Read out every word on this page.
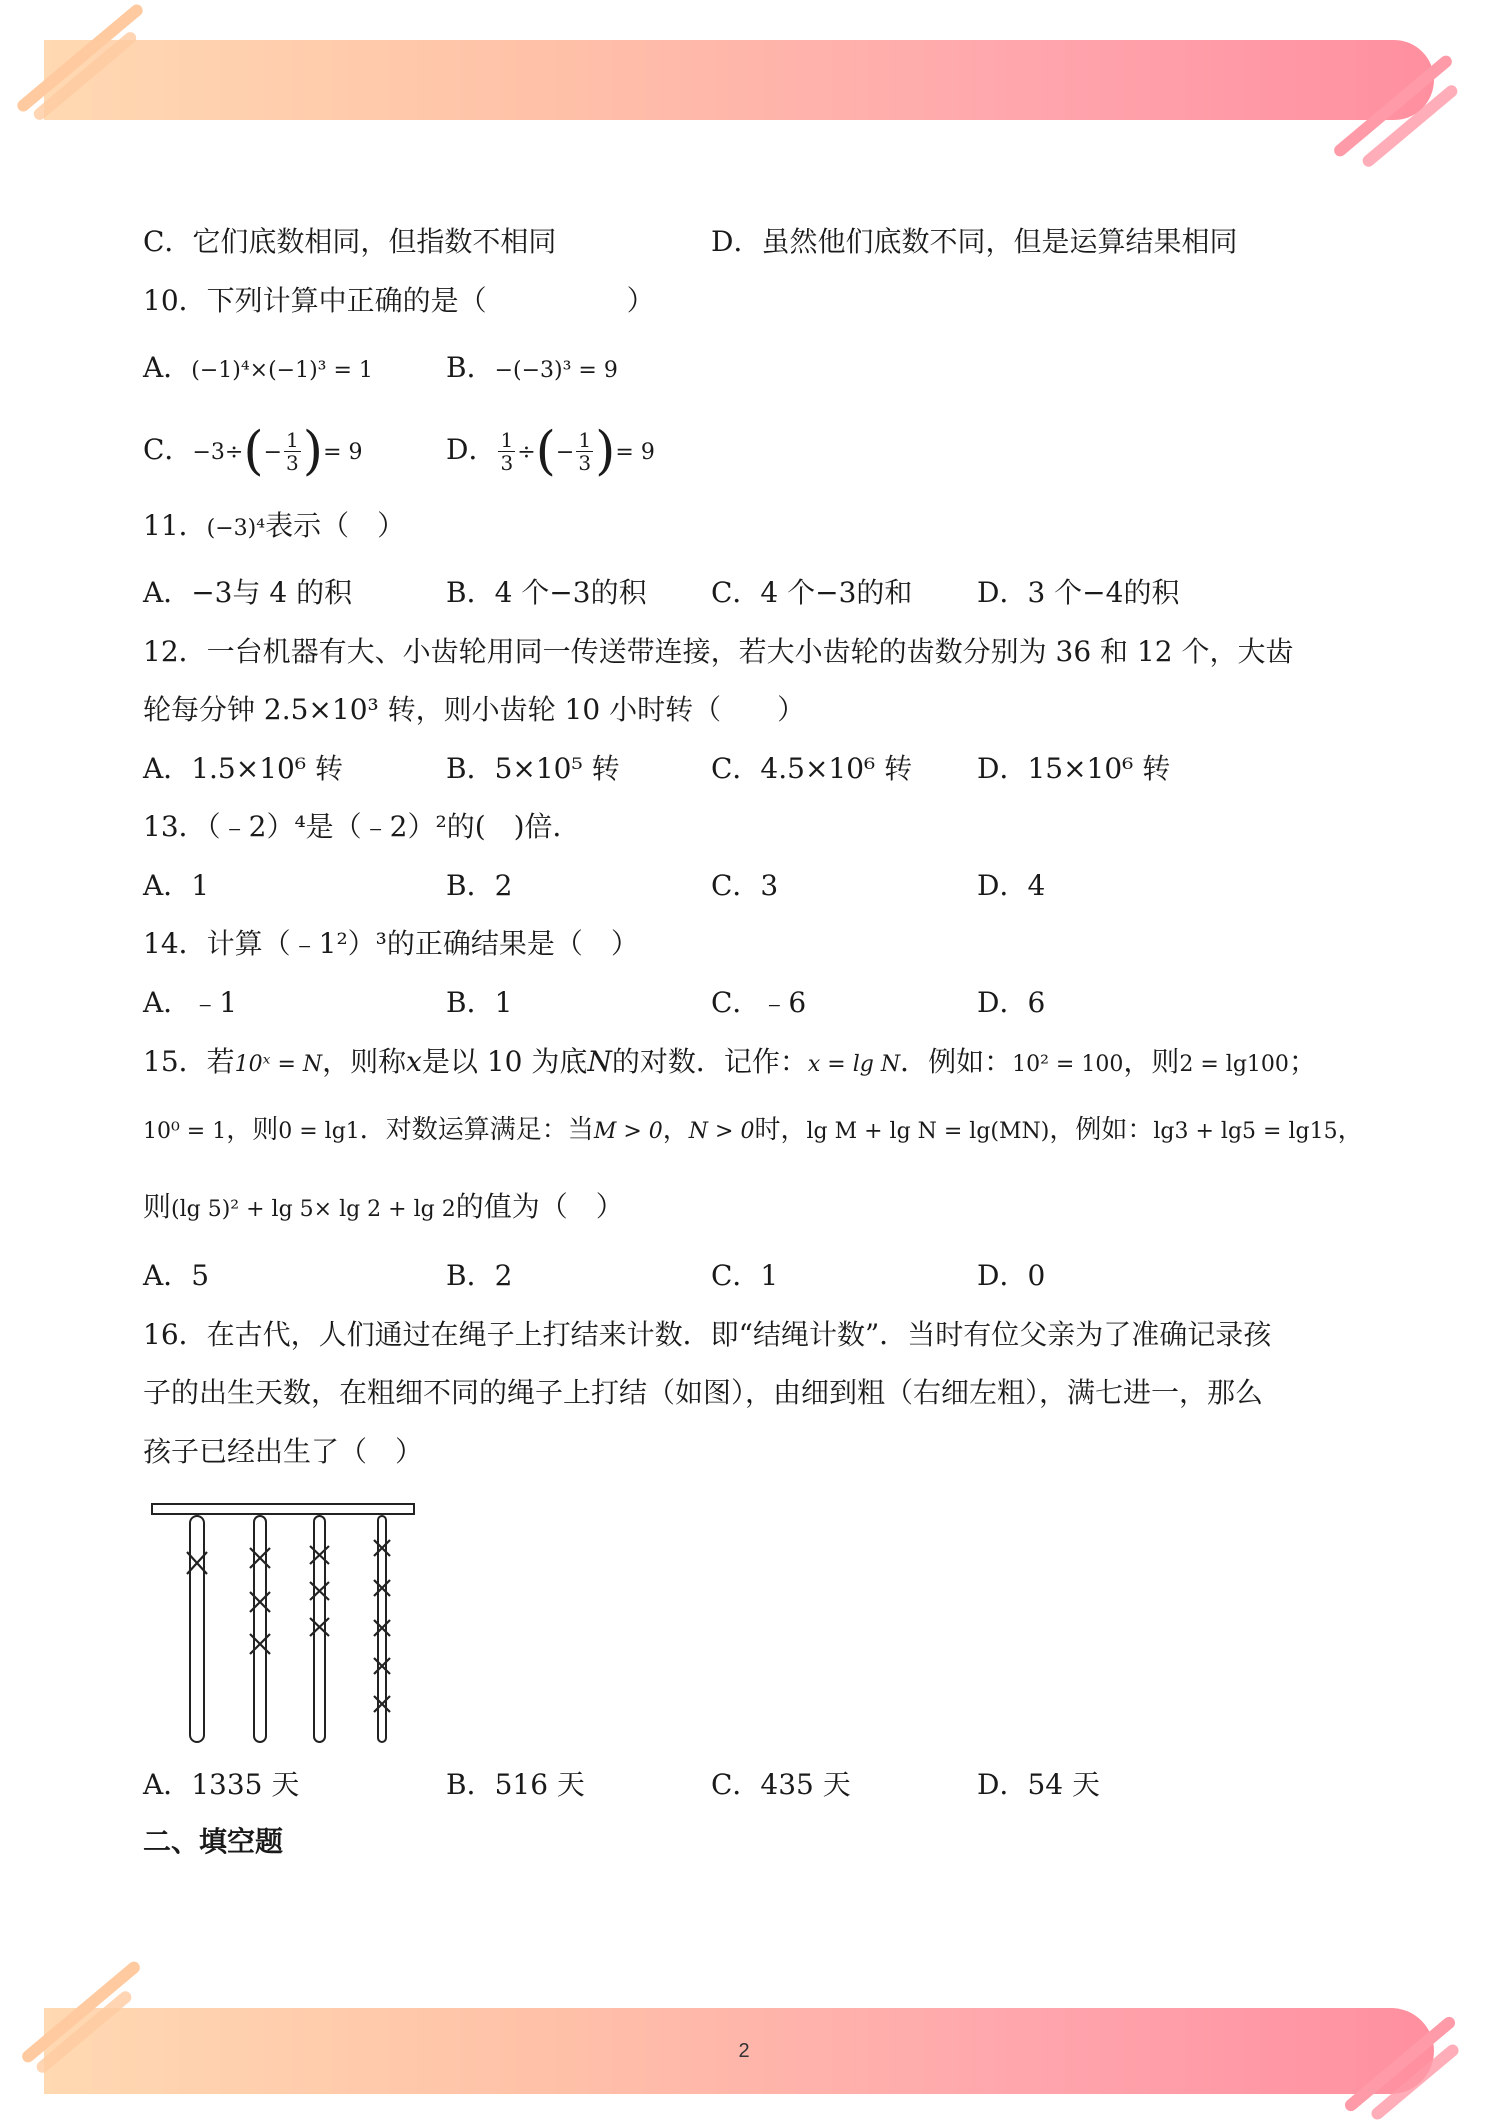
C．它们底数相同，但指数不相同	D．虽然他们底数不同，但是运算结果相同
10．下列计算中正确的是（　　　　　）
A．(−1)⁴×(−1)³ = 1	B．−(−3)³ = 9
C．$-3\div(- \frac{1}{3}$ )= 9	D． $\frac{1}{3}$ ÷(− $\frac{1}{3}$ )= 9
11．(−3)⁴表示（　）
A．−3与 4 的积	B．4 个−3的积 C．4 个−3的和 D．3 个−4的积
12．一台机器有大、小齿轮用同一传送带连接，若大小齿轮的齿数分别为 36 和 12 个，大齿
轮每分钟 2.5×10³ 转，则小齿轮 10 小时转（　　）
A．1.5×10⁶ 转	B．5×10⁵ 转	C．4.5×10⁶ 转 D．15×10⁶ 转
13．（﹣2）⁴是（﹣2）²的(　)倍．
A．1	B．2	C．3	D．4
14．计算（﹣1²）³的正确结果是（　）
A．﹣1	B．1	C．﹣6	D．6
15．若10ˣ = N，则称x是以 10 为底N的对数．记作：x = lg N．例如：10² = 100，则2 = lg100；
10⁰ = 1，则0 = lg1．对数运算满足：当M > 0，N > 0时，lg M + lg N = lg(MN)，例如：lg3 + lg5 = lg15，
则(lg 5)² + lg 5× lg 2 + lg 2的值为（　）
A．5	B．2	C．1	D．0
16．在古代，人们通过在绳子上打结来计数．即“结绳计数”．当时有位父亲为了准确记录孩
子的出生天数，在粗细不同的绳子上打结（如图），由细到粗（右细左粗），满七进一，那么
孩子已经出生了（　）
A．1335 天	B．516 天	C．435 天	D．54 天
二、填空题
2
